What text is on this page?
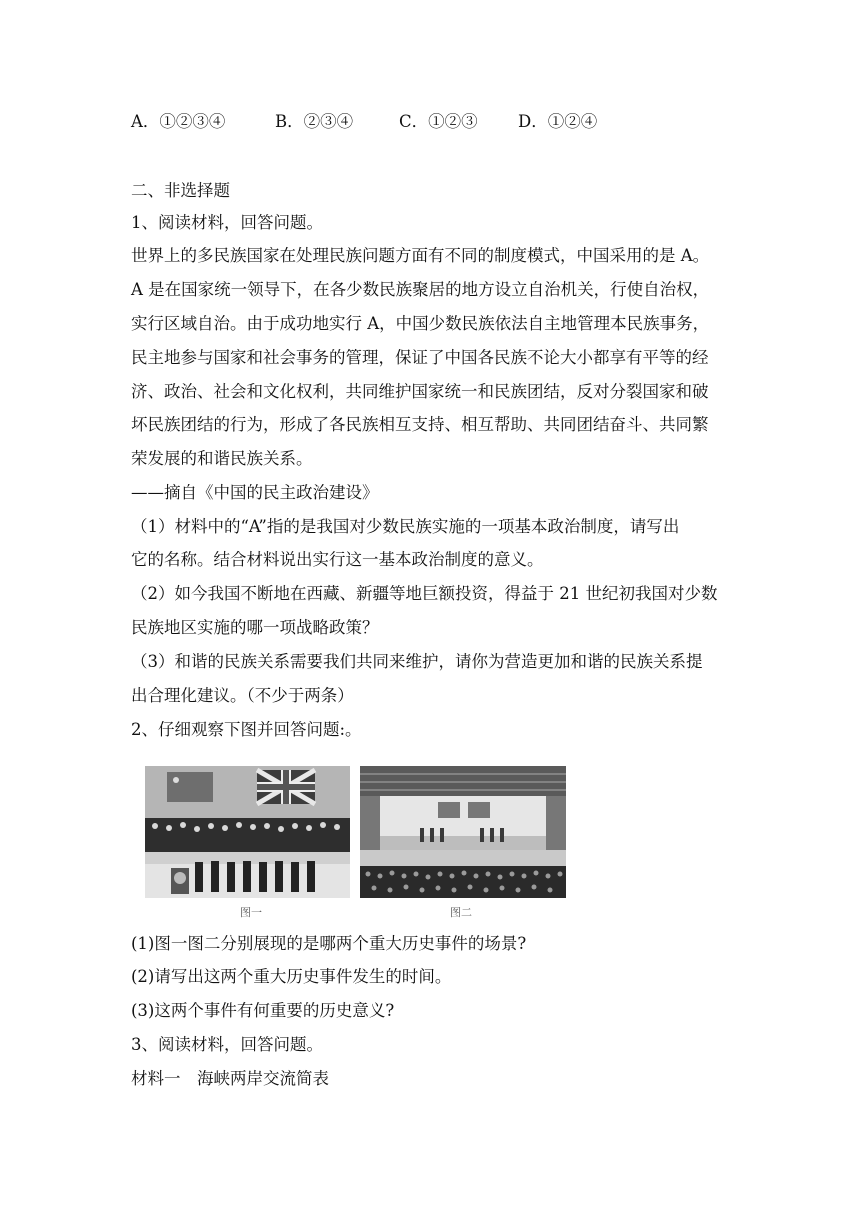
A．①②③④	B．②③④	C．①②③ D．①②④
二、非选择题
1、阅读材料，回答问题。
世界上的多民族国家在处理民族问题方面有不同的制度模式，中国采用的是 A。
A 是在国家统一领导下，在各少数民族聚居的地方设立自治机关，行使自治权，
实行区域自治。由于成功地实行 A，中国少数民族依法自主地管理本民族事务，
民主地参与国家和社会事务的管理，保证了中国各民族不论大小都享有平等的经
济、政治、社会和文化权利，共同维护国家统一和民族团结，反对分裂国家和破
坏民族团结的行为，形成了各民族相互支持、相互帮助、共同团结奋斗、共同繁
荣发展的和谐民族关系。
——摘自《中国的民主政治建设》
（1）材料中的“A”指的是我国对少数民族实施的一项基本政治制度，请写出
它的名称。结合材料说出实行这一基本政治制度的意义。
（2）如今我国不断地在西藏、新疆等地巨额投资，得益于 21 世纪初我国对少数
民族地区实施的哪一项战略政策？
（3）和谐的民族关系需要我们共同来维护，请你为营造更加和谐的民族关系提
出合理化建议。（不少于两条）
2、仔细观察下图并回答问题:。
图一	图二
(1)图一图二分别展现的是哪两个重大历史事件的场景?
(2)请写出这两个重大历史事件发生的时间。
(3)这两个事件有何重要的历史意义?
3、阅读材料，回答问题。
材料一　海峡两岸交流简表
